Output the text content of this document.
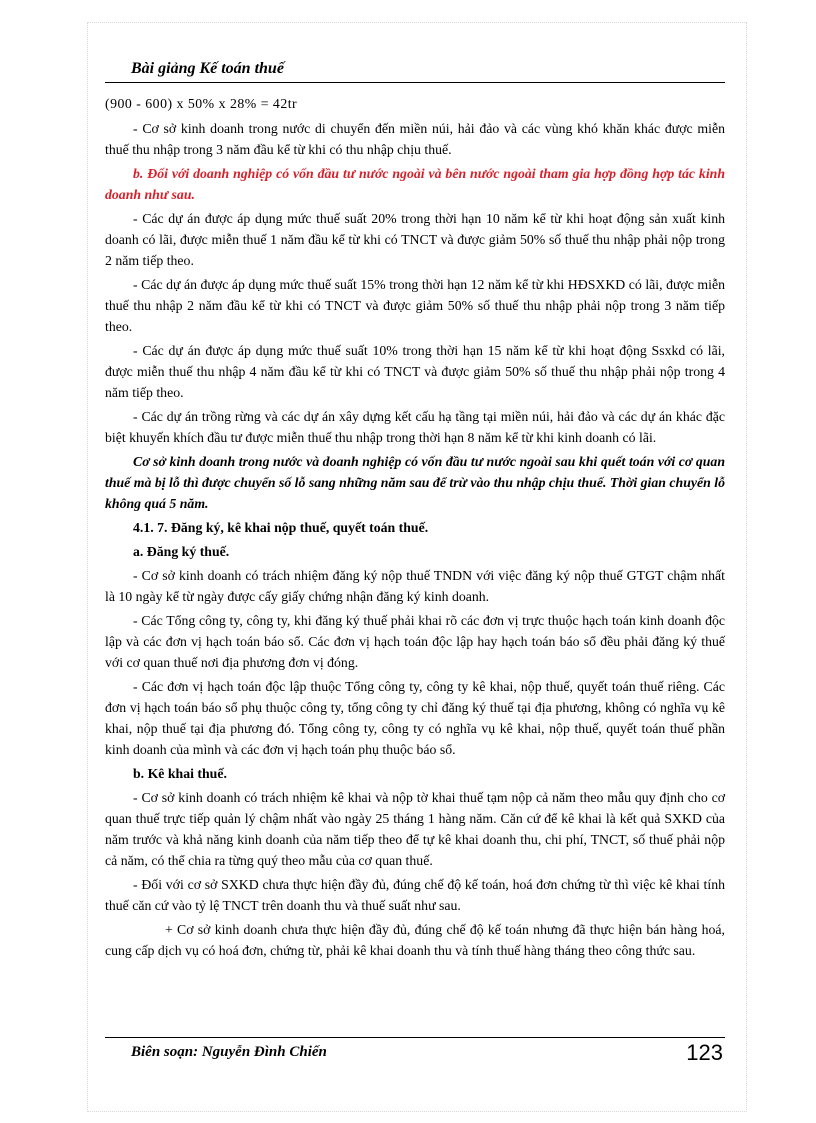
Bài giảng Kế toán thuế

(900 - 600) x 50% x 28% = 42tr

- Cơ sở kinh doanh trong nước di chuyển đến miền núi, hải đảo và các vùng khó khăn khác được miễn thuế thu nhập trong 3 năm đầu kể từ khi có thu nhập chịu thuế.

b. Đối với doanh nghiệp có vốn đầu tư nước ngoài và bên nước ngoài tham gia hợp đồng hợp tác kinh doanh như sau.

- Các dự án được áp dụng mức thuế suất 20% trong thời hạn 10 năm kể từ khi hoạt động sản xuất kinh doanh có lãi, được miễn thuế 1 năm đầu kể từ khi có TNCT và được giảm 50% số thuế thu nhập phải nộp trong 2 năm tiếp theo.

- Các dự án được áp dụng mức thuế suất 15% trong thời hạn 12 năm kể từ khi HĐSXKD có lãi, được miễn thuế thu nhập 2 năm đầu kể từ khi có TNCT và được giảm 50% số thuế thu nhập phải nộp trong 3 năm tiếp theo.

- Các dự án được áp dụng mức thuế suất 10% trong thời hạn 15 năm kể từ khi hoạt động Ssxkd có lãi, được miễn thuế thu nhập 4 năm đầu kể từ khi có TNCT và được giảm 50% số thuế thu nhập phải nộp trong 4 năm tiếp theo.

- Các dự án trồng rừng và các dự án xây dựng kết cấu hạ tầng tại miền núi, hải đảo và các dự án khác đặc biệt khuyến khích đầu tư được miễn thuế thu nhập trong thời hạn 8 năm kể từ khi kinh doanh có lãi.

Cơ sở kinh doanh trong nước và doanh nghiệp có vốn đầu tư nước ngoài sau khi quết toán với cơ quan thuế mà bị lỗ thì được chuyển số lỗ sang những năm sau để trừ vào thu nhập chịu thuế. Thời gian chuyển lỗ không quá 5 năm.

4.1. 7. Đăng ký, kê khai nộp thuế, quyết toán thuế.

a. Đăng ký thuế.

- Cơ sở kinh doanh có trách nhiệm đăng ký nộp thuế TNDN với việc đăng ký nộp thuế GTGT chậm nhất là 10 ngày kể từ ngày được cấy giấy chứng nhận đăng ký kinh doanh.

- Các Tổng công ty, công ty, khi đăng ký thuế phải khai rõ các đơn vị trực thuộc hạch toán kinh doanh độc lập và các đơn vị hạch toán báo sổ. Các đơn vị hạch toán độc lập hay hạch toán báo sổ đều phải đăng ký thuế với cơ quan thuế nơi địa phương đơn vị đóng.

- Các đơn vị hạch toán độc lập thuộc Tổng công ty, công ty kê khai, nộp thuế, quyết toán thuế riêng. Các đơn vị hạch toán báo sổ phụ thuộc công ty, tổng công ty chỉ đăng ký thuế tại địa phương, không có nghĩa vụ kê khai, nộp thuế tại địa phương đó. Tổng công ty, công ty có nghĩa vụ kê khai, nộp thuế, quyết toán thuế phần kinh doanh của mình và các đơn vị hạch toán phụ thuộc báo sổ.

b. Kê khai thuế.

- Cơ sở kinh doanh có trách nhiệm kê khai và nộp tờ khai thuế tạm nộp cả năm theo mẫu quy định cho cơ quan thuế trực tiếp quản lý chậm nhất vào ngày 25 tháng 1 hàng năm. Căn cứ để kê khai là kết quả SXKD của năm trước và khả năng kinh doanh của năm tiếp theo để tự kê khai doanh thu, chi phí, TNCT, số thuế phải nộp cả năm, có thể chia ra từng quý theo mẫu của cơ quan thuế.

- Đối với cơ sở SXKD chưa thực hiện đầy đủ, đúng chế độ kế toán, hoá đơn chứng từ thì việc kê khai tính thuế căn cứ vào tỷ lệ TNCT trên doanh thu và thuế suất như sau.

+ Cơ sở kinh doanh chưa thực hiện đầy đủ, đúng chế độ kế toán nhưng đã thực hiện bán hàng hoá, cung cấp dịch vụ có hoá đơn, chứng từ, phải kê khai doanh thu và tính thuế hàng tháng theo công thức sau.

Biên soạn: Nguyễn Đình Chiến	123
